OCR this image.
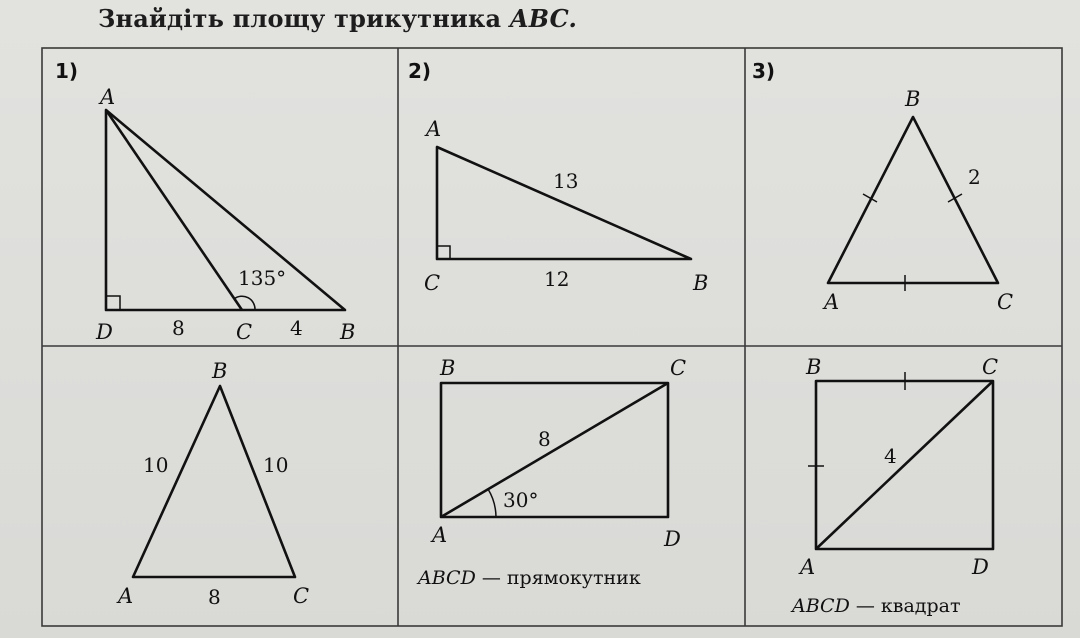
Знайдіть площу трикутника ABC.
1)
A
D	C	B
8	4
135°
2)
A
C	B
13
12
3)
B
A	C
2
B
A	C
10	10
8
B	C
A	D
8
30°
ABCD — прямокутник
B	C
A	D
4
ABCD — квадрат
